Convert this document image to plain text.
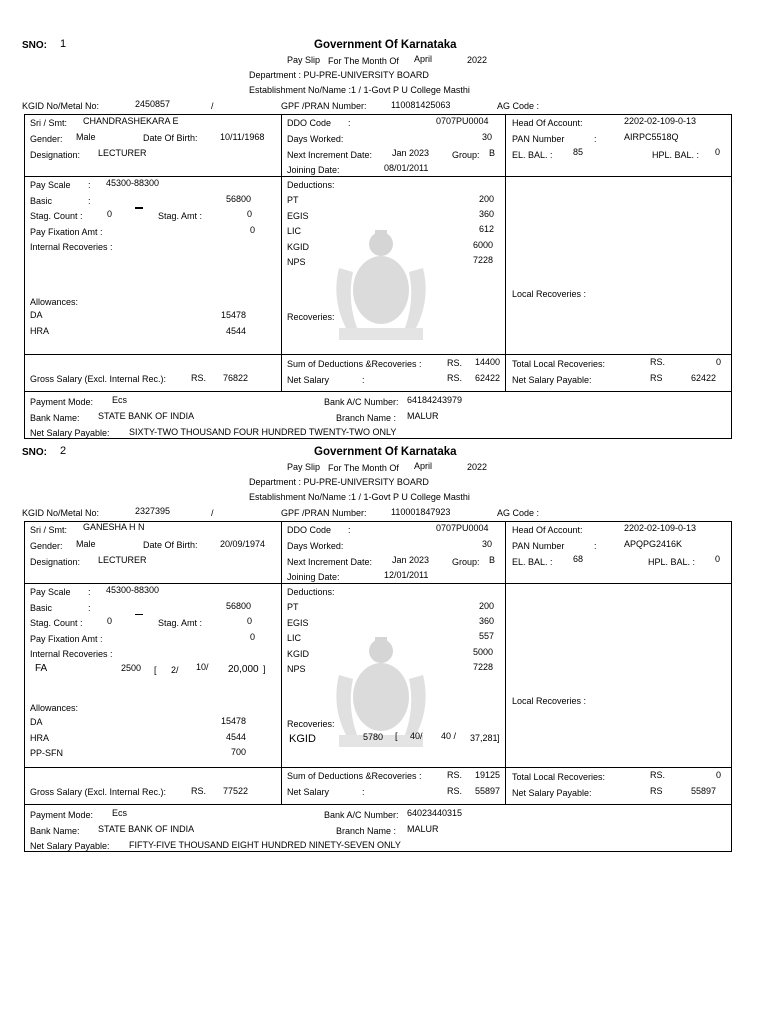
SNO: 1	Government Of Karnataka
Pay Slip For The Month Of April	2022
Department : PU-PRE-UNIVERSITY BOARD
Establishment No/Name :1 / 1-Govt P U College Masthi
KGID No/Metal No:	2450857	/	GPF /PRAN Number:	110081425063	AG Code :
Sri / Smt: CHANDRASHEKARA E
Gender: Male	Date Of Birth: 10/11/1968
Designation: LECTURER
DDO Code :	0707PU0004
Days Worked:	30
Next Increment Date: Jan 2023	Group: B
Joining Date:	08/01/2011
Head Of Account:	2202-02-109-0-13
PAN Number	:	AIRPC5518Q
EL. BAL. : 85	HPL. BAL. : 0
Pay Scale : 45300-88300
Basic	:	56800
Stag. Count :	0	Stag. Amt :	0
Pay Fixation Amt :	0
Internal Recoveries :
Allowances:
DA	15478
HRA	4544
Deductions:
PT	200
EGIS	360
LIC	612
KGID	6000
NPS	7228
Recoveries:
Local Recoveries :
Sum of Deductions &Recoveries :	RS. 14400
Net Salary	:	RS. 62422
Total Local Recoveries:	RS.	0
Net Salary Payable:	RS	62422
Gross Salary (Excl. Internal Rec.):	RS. 76822
Payment Mode: Ecs	Bank A/C Number: 64184243979
Bank Name: STATE BANK OF INDIA	Branch Name : MALUR
Net Salary Payable: SIXTY-TWO THOUSAND FOUR HUNDRED TWENTY-TWO ONLY
SNO: 2	Government Of Karnataka
Pay Slip For The Month Of April	2022
Department : PU-PRE-UNIVERSITY BOARD
Establishment No/Name :1 / 1-Govt P U College Masthi
KGID No/Metal No:	2327395	/	GPF /PRAN Number:	110001847923	AG Code :
Sri / Smt: GANESHA H N
Gender: Male	Date Of Birth: 20/09/1974
Designation: LECTURER
DDO Code :	0707PU0004
Days Worked:	30
Next Increment Date: Jan 2023	Group: B
Joining Date:	12/01/2011
Head Of Account:	2202-02-109-0-13
PAN Number	:	APQPG2416K
EL. BAL. : 68	HPL. BAL. : 0
Pay Scale : 45300-88300
Basic	:	56800
Stag. Count :	0	Stag. Amt :	0
Pay Fixation Amt :	0
Internal Recoveries :
FA	2500 [ 2/ 10/ 20,000 ]
Allowances:
DA	15478
HRA	4544
PP-SFN	700
Deductions:
PT	200
EGIS	360
LIC	557
KGID	5000
NPS	7228
Recoveries:
KGID	5780 [ 40/ 40 / 37,281 ]
Local Recoveries :
Sum of Deductions &Recoveries :	RS. 19125
Net Salary	:	RS. 55897
Total Local Recoveries:	RS.	0
Net Salary Payable:	RS	55897
Gross Salary (Excl. Internal Rec.):	RS. 77522
Payment Mode: Ecs	Bank A/C Number: 64023440315
Bank Name: STATE BANK OF INDIA	Branch Name : MALUR
Net Salary Payable: FIFTY-FIVE THOUSAND EIGHT HUNDRED NINETY-SEVEN ONLY
